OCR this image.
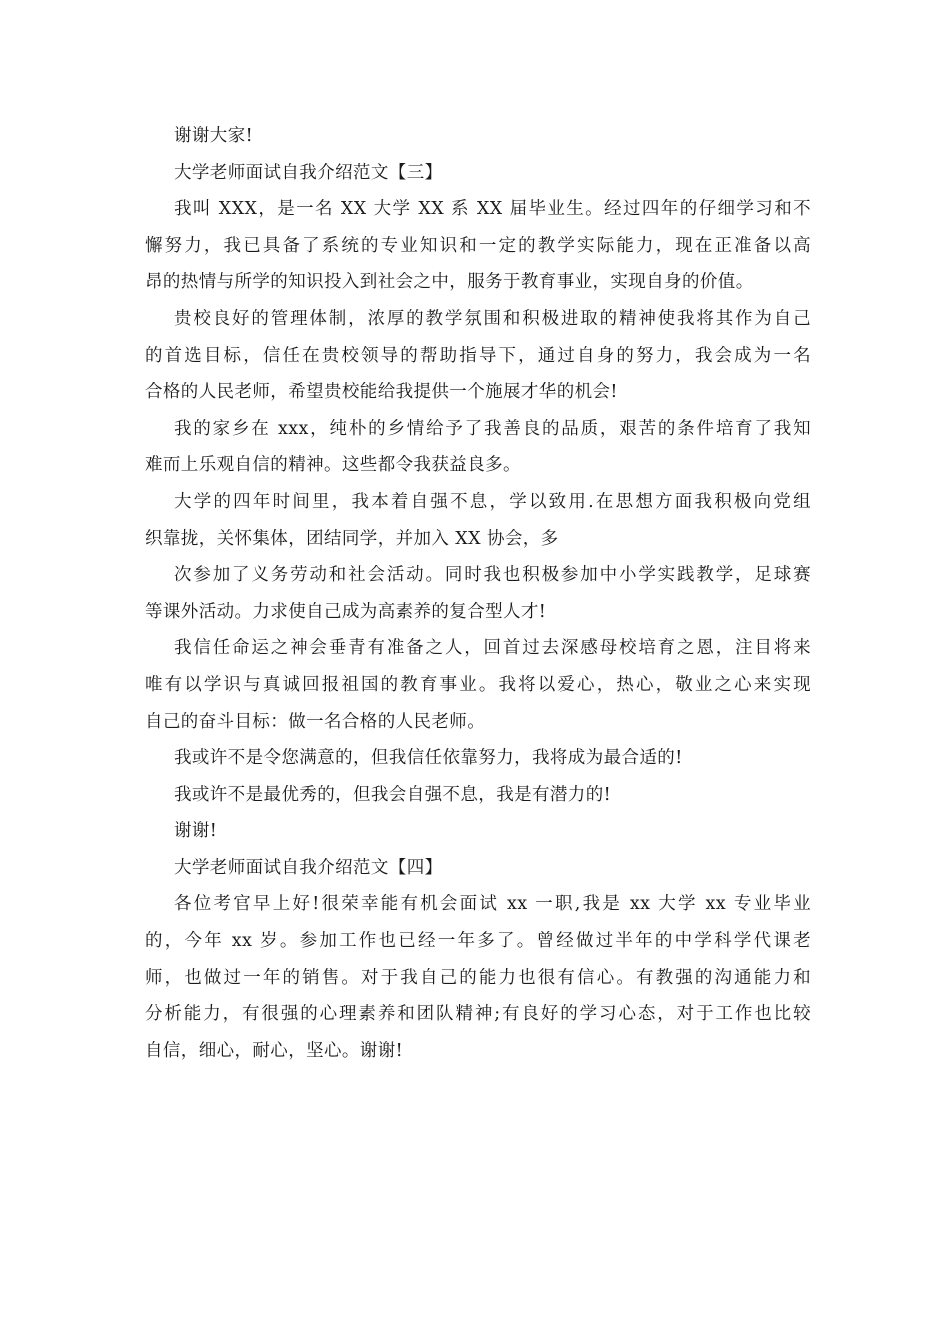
谢谢大家!
大学老师面试自我介绍范文【三】
我叫 XXX，是一名 XX 大学 XX 系 XX 届毕业生。经过四年的仔细学习和不
懈努力，我已具备了系统的专业知识和一定的教学实际能力，现在正准备以高
昂的热情与所学的知识投入到社会之中，服务于教育事业，实现自身的价值。
贵校良好的管理体制，浓厚的教学氛围和积极进取的精神使我将其作为自己
的首选目标，信任在贵校领导的帮助指导下，通过自身的努力，我会成为一名
合格的人民老师，希望贵校能给我提供一个施展才华的机会!
我的家乡在 xxx，纯朴的乡情给予了我善良的品质，艰苦的条件培育了我知
难而上乐观自信的精神。这些都令我获益良多。
大学的四年时间里，我本着自强不息，学以致用.在思想方面我积极向党组
织靠拢，关怀集体，团结同学，并加入 XX 协会，多
次参加了义务劳动和社会活动。同时我也积极参加中小学实践教学，足球赛
等课外活动。力求使自己成为高素养的复合型人才!
我信任命运之神会垂青有准备之人，回首过去深感母校培育之恩，注目将来
唯有以学识与真诚回报祖国的教育事业。我将以爱心，热心，敬业之心来实现
自己的奋斗目标：做一名合格的人民老师。
我或许不是令您满意的，但我信任依靠努力，我将成为最合适的!
我或许不是最优秀的，但我会自强不息，我是有潜力的!
谢谢!
大学老师面试自我介绍范文【四】
各位考官早上好!很荣幸能有机会面试 xx 一职,我是 xx 大学 xx 专业毕业
的，今年 xx 岁。参加工作也已经一年多了。曾经做过半年的中学科学代课老
师，也做过一年的销售。对于我自己的能力也很有信心。有教强的沟通能力和
分析能力，有很强的心理素养和团队精神;有良好的学习心态，对于工作也比较
自信，细心，耐心，坚心。谢谢!
